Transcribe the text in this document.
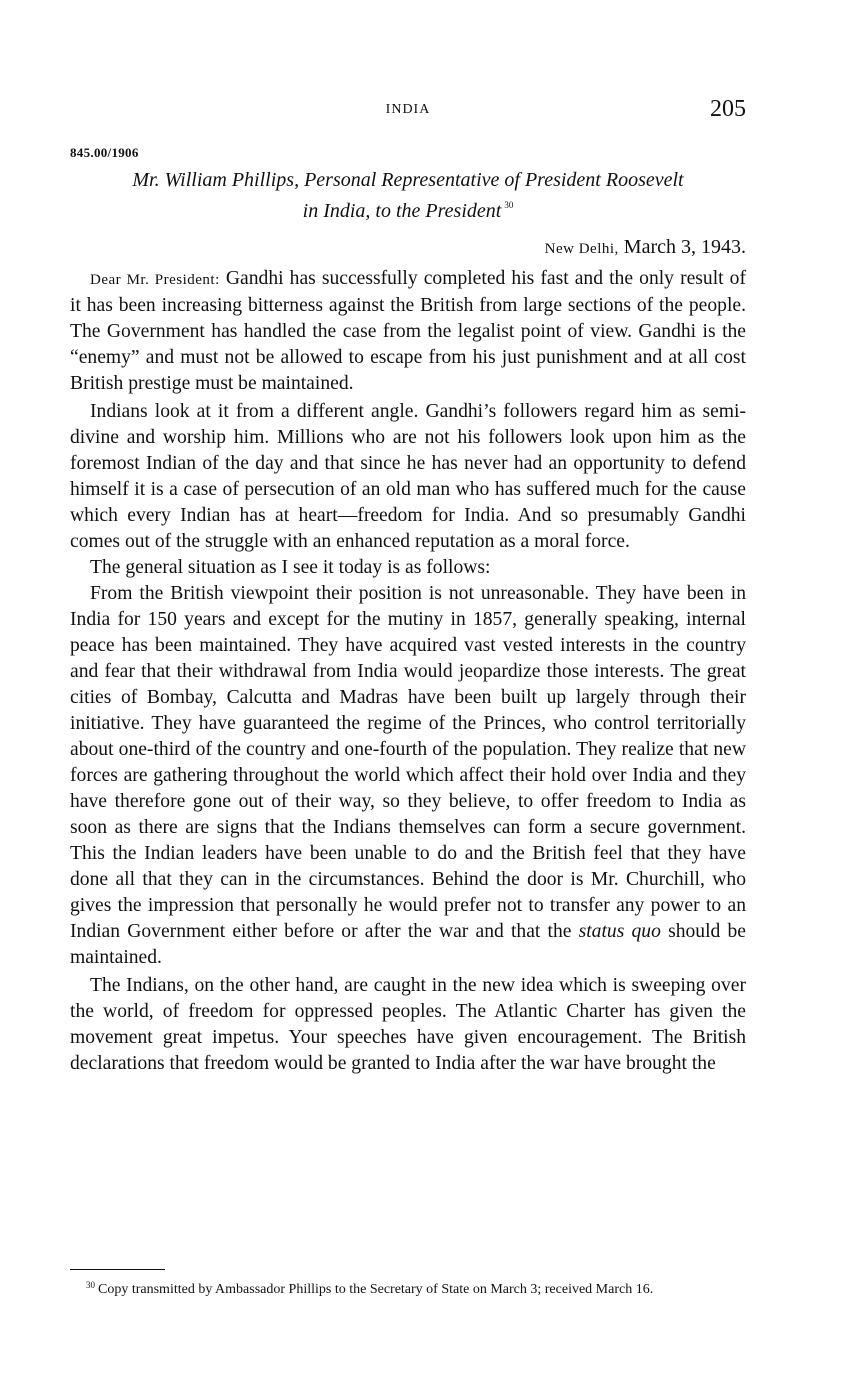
INDIA	205
845.00/1906
Mr. William Phillips, Personal Representative of President Roosevelt
in India, to the President $^{30}$
New Delhi, March 3, 1943.

Dear Mr. President: Gandhi has successfully completed his fast and the only result of it has been increasing bitterness against the British from large sections of the people. The Government has handled the case from the legalist point of view. Gandhi is the “enemy” and must not be allowed to escape from his just punishment and at all cost British prestige must be maintained.

Indians look at it from a different angle. Gandhi’s followers regard him as semi-divine and worship him. Millions who are not his followers look upon him as the foremost Indian of the day and that since he has never had an opportunity to defend himself it is a case of persecution of an old man who has suffered much for the cause which every Indian has at heart—freedom for India. And so presumably Gandhi comes out of the struggle with an enhanced reputation as a moral force.

The general situation as I see it today is as follows:

From the British viewpoint their position is not unreasonable. They have been in India for 150 years and except for the mutiny in 1857, generally speaking, internal peace has been maintained. They have acquired vast vested interests in the country and fear that their withdrawal from India would jeopardize those interests. The great cities of Bombay, Calcutta and Madras have been built up largely through their initiative. They have guaranteed the regime of the Princes, who control territorially about one-third of the country and one-fourth of the population. They realize that new forces are gathering throughout the world which affect their hold over India and they have therefore gone out of their way, so they believe, to offer freedom to India as soon as there are signs that the Indians themselves can form a secure government. This the Indian leaders have been unable to do and the British feel that they have done all that they can in the circumstances. Behind the door is Mr. Churchill, who gives the impression that personally he would prefer not to transfer any power to an Indian Government either before or after the war and that the status quo should be maintained.

The Indians, on the other hand, are caught in the new idea which is sweeping over the world, of freedom for oppressed peoples. The Atlantic Charter has given the movement great impetus. Your speeches have given encouragement. The British declarations that freedom would be granted to India after the war have brought the

$^{30}$ Copy transmitted by Ambassador Phillips to the Secretary of State on March 3; received March 16.
